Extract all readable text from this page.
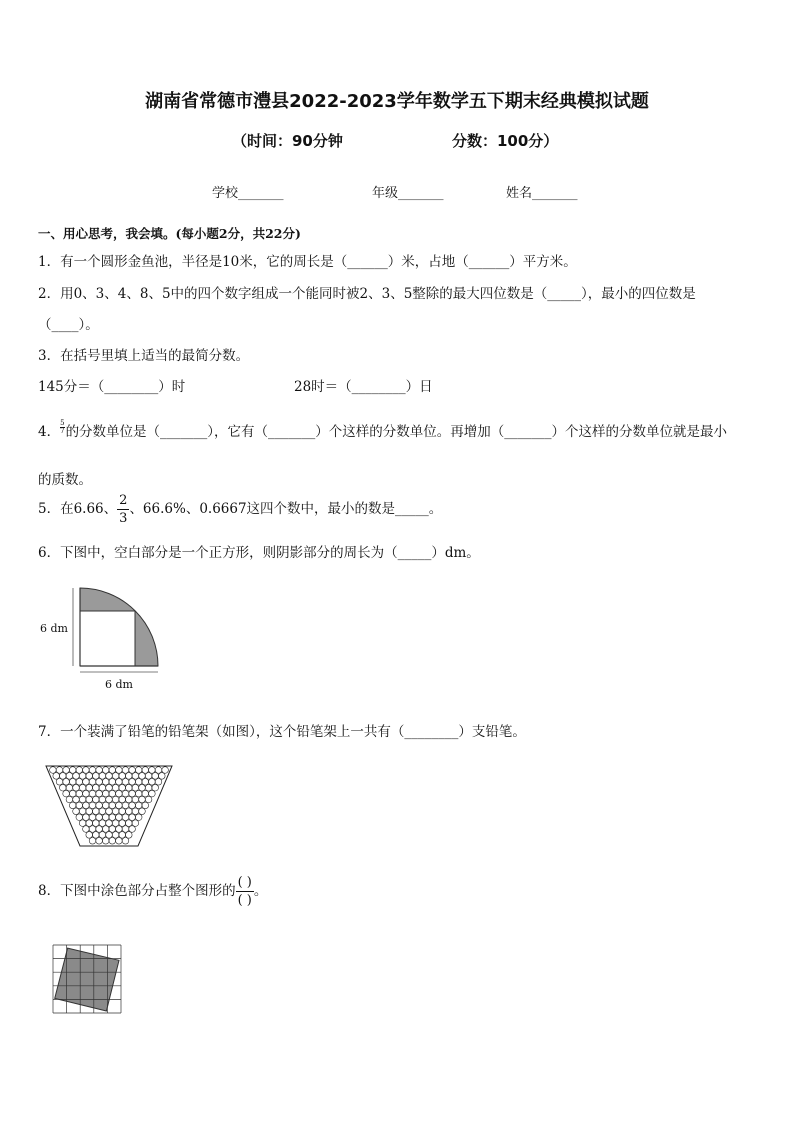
湖南省常德市澧县2022-2023学年数学五下期末经典模拟试题
（时间：90分钟	分数：100分）
学校_______	年级_______	姓名_______
一、用心思考，我会填。(每小题2分，共22分)
1．有一个圆形金鱼池，半径是10米，它的周长是（______）米，占地（______）平方米。
2．用0、3、4、8、5中的四个数字组成一个能同时被2、3、5整除的最大四位数是（_____），最小的四位数是
（____）。
3．在括号里填上适当的最简分数。
145分＝（________）时	28时＝（________）日
4． $\frac{5}{7}$ 的分数单位是（_______），它有（_______）个这样的分数单位。再增加（_______）个这样的分数单位就是最小
的质数。
5．在6.66、 $\frac{2}{3}$ 、66.6%、0.6667这四个数中，最小的数是_____。
6．下图中，空白部分是一个正方形，则阴影部分的周长为（_____）dm。
6 dm
6 dm
7．一个装满了铅笔的铅笔架（如图），这个铅笔架上一共有（________）支铅笔。
8．下图中涂色部分占整个图形的 $\frac{( )}{( )}$ 。
